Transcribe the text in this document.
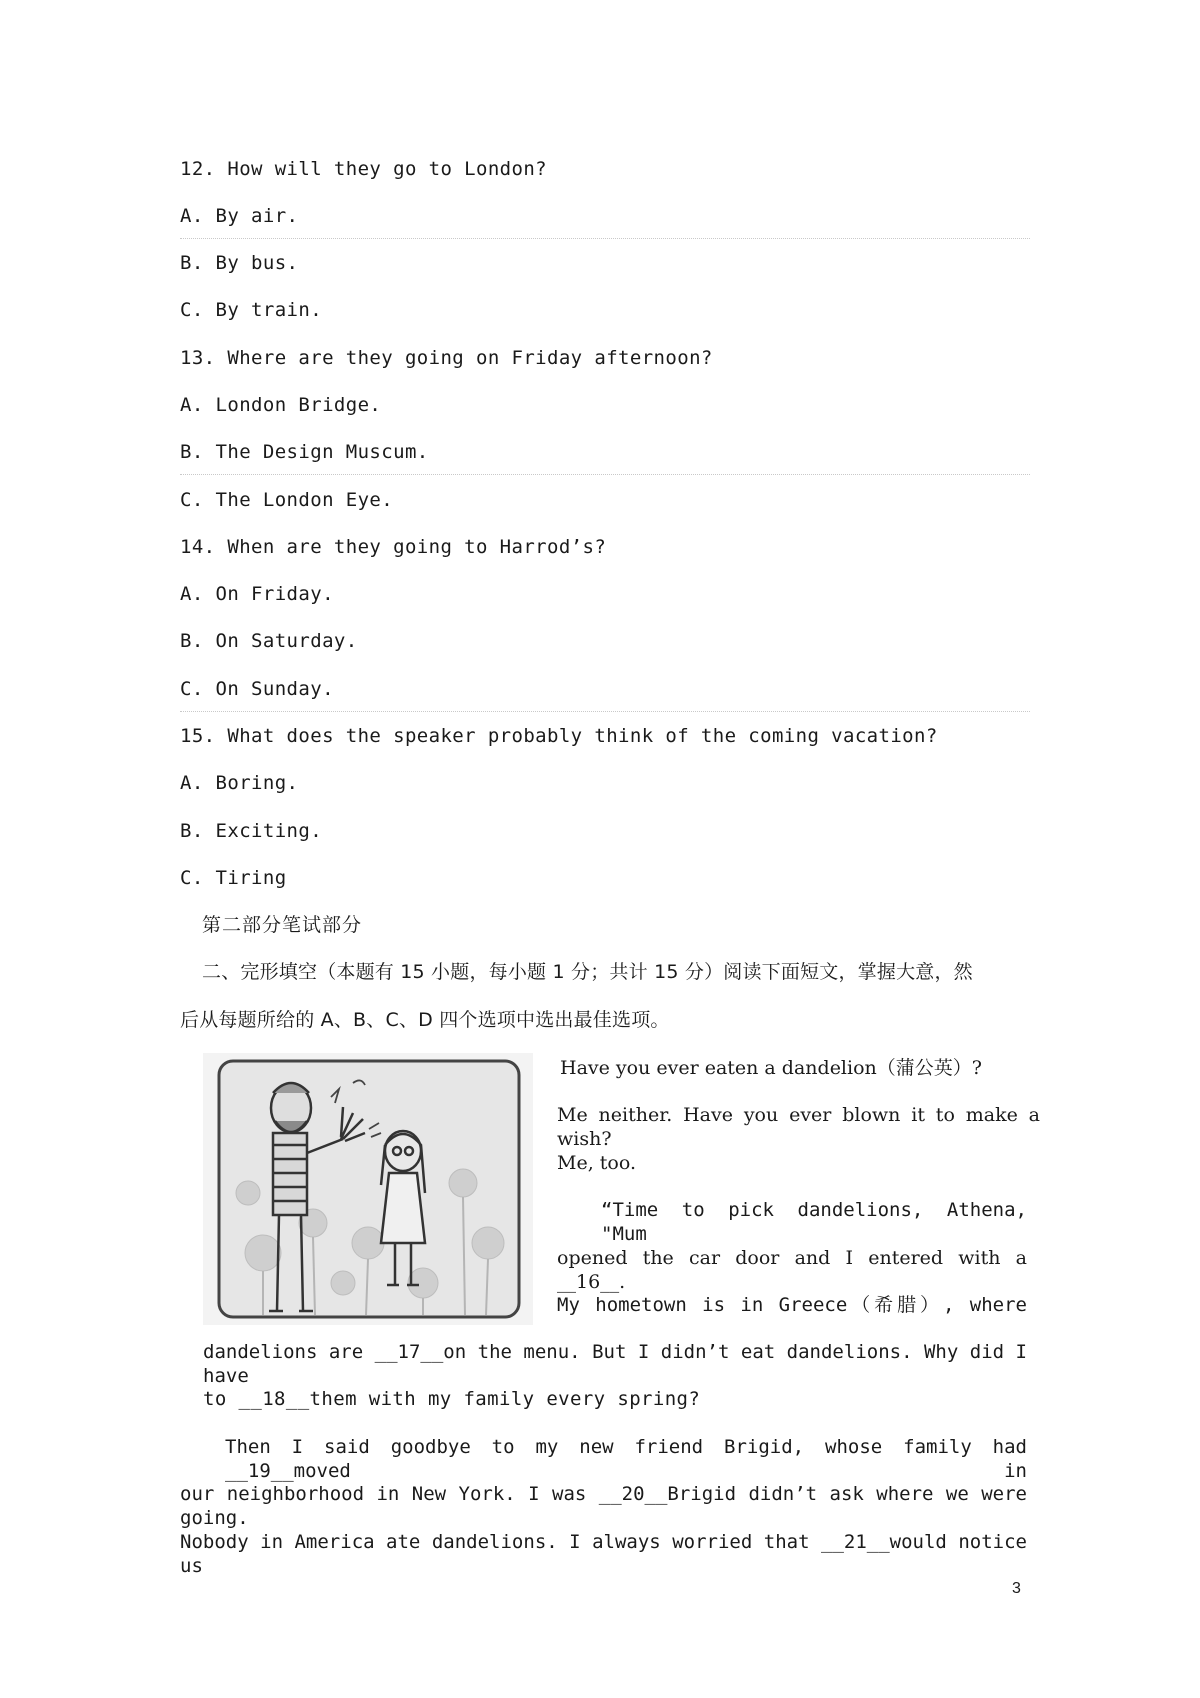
12. How will they go to London?
A. By air.
B. By bus.
C. By train.
13. Where are they going on Friday afternoon?
A. London Bridge.
B. The Design Muscum.
C. The London Eye.
14. When are they going to Harrod’s?
A. On Friday.
B. On Saturday.
C. On Sunday.
15. What does the speaker probably think of the coming vacation?
A. Boring.
B. Exciting.
C. Tiring
第二部分笔试部分
二、完形填空（本题有 15 小题，每小题 1 分；共计 15 分）阅读下面短文，掌握大意，然
后从每题所给的 A、B、C、D 四个选项中选出最佳选项。
Have you ever eaten a dandelion（蒲公英）?
Me neither. Have you ever blown it to make a wish?
Me, too.
“Time to pick dandelions, Athena, "Mum
opened the car door and I entered with a __16__.
My hometown is in Greece（希腊）, where
dandelions are __17__on the menu. But I didn’t eat dandelions. Why did I have
to __18__them with my family every spring?
Then I said goodbye to my new friend Brigid, whose family had __19__moved in
our neighborhood in New York. I was __20__Brigid didn’t ask where we were going.
Nobody in America ate dandelions. I always worried that __21__would notice us
3
